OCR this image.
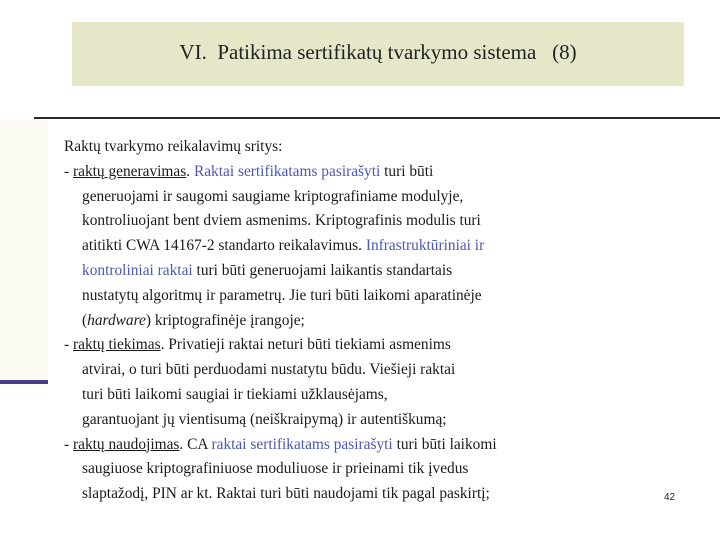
VI.  Patikima sertifikatų tvarkymo sistema   (8)
Raktų tvarkymo reikalavimų sritys:
- raktų generavimas. Raktai sertifikatams pasirašyti turi būti
generuojami ir saugomi saugiame kriptografiniame modulyje,
kontroliuojant bent dviem asmenims. Kriptografinis modulis turi
atitikti CWA 14167-2 standarto reikalavimus. Infrastruktūriniai ir
kontroliniai raktai turi būti generuojami laikantis standartais
nustatytų algoritmų ir parametrų. Jie turi būti laikomi aparatinėje
(hardware) kriptografinėje įrangoje;
- raktų tiekimas. Privatieji raktai neturi būti tiekiami asmenims
atvirai, o turi būti perduodami nustatytu būdu. Viešieji raktai
turi būti laikomi saugiai ir tiekiami užklausėjams,
garantuojant jų vientisumą (neiškraipymą) ir autentiškumą;
- raktų naudojimas. CA raktai sertifikatams pasirašyti turi būti laikomi
saugiuose kriptografiniuose moduliuose ir prieinami tik įvedus
slaptažodį, PIN ar kt. Raktai turi būti naudojami tik pagal paskirtį;	42
